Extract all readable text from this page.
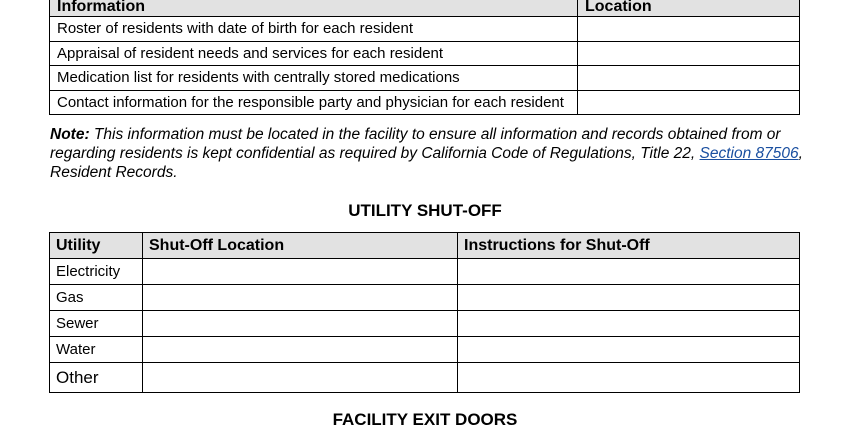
Information	Location
Roster of residents with date of birth for each resident	
Appraisal of resident needs and services for each resident	
Medication list for residents with centrally stored medications	
Contact information for the responsible party and physician for each resident	
Note: This information must be located in the facility to ensure all information and records obtained from or regarding residents is kept confidential as required by California Code of Regulations, Title 22, Section 87506, Resident Records.
UTILITY SHUT-OFF
Utility	Shut-Off Location	Instructions for Shut-Off
Electricity		
Gas		
Sewer		
Water		
Other		
FACILITY EXIT DOORS
